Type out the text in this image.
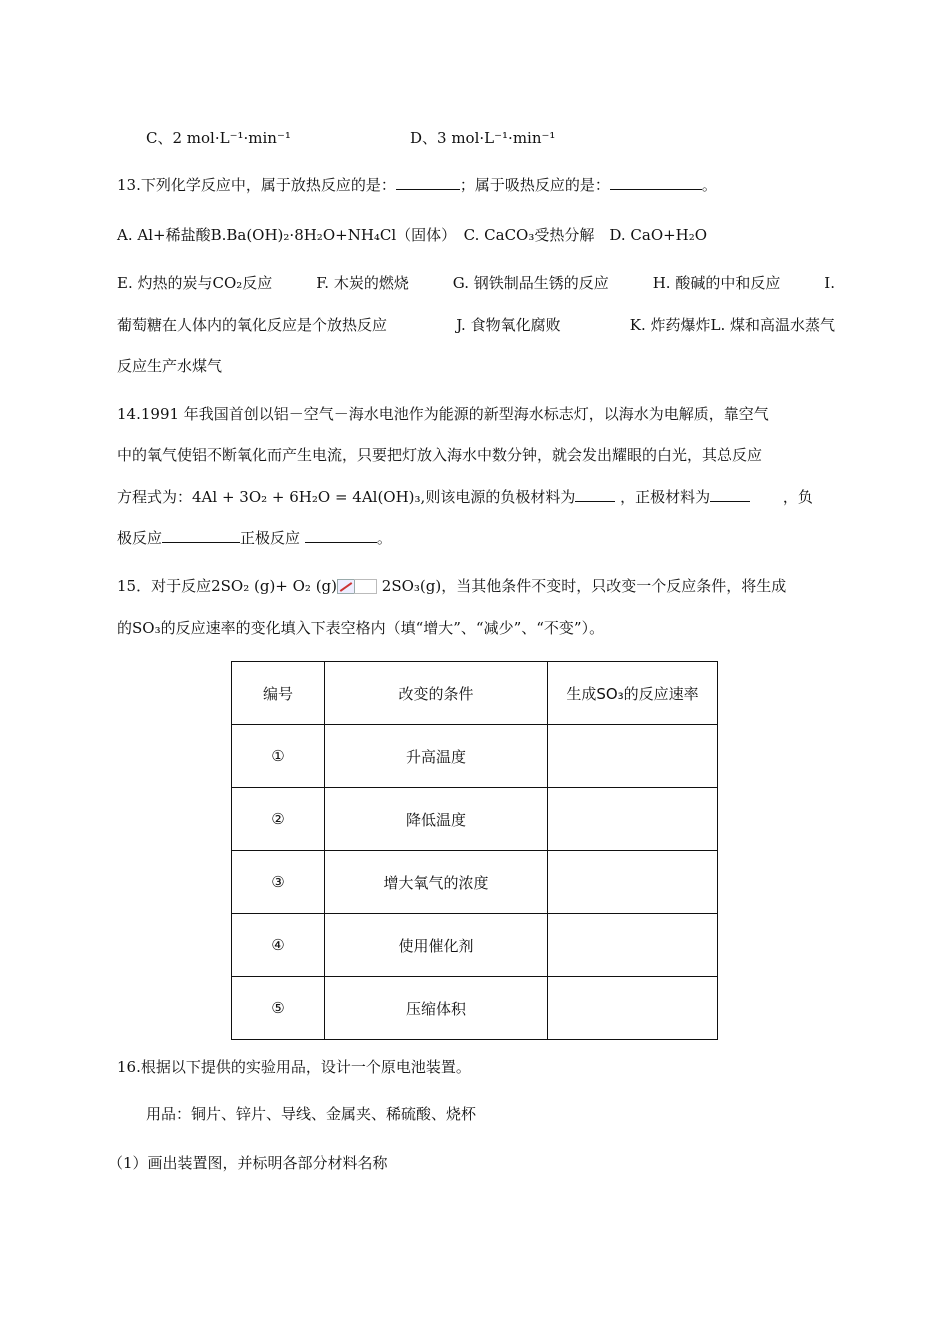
C、2 mol·L⁻¹·min⁻¹	D、3 mol·L⁻¹·min⁻¹
13.下列化学反应中，属于放热反应的是：	；属于吸热反应的是：	。
A. Al+稀盐酸B.Ba(OH)₂·8H₂O+NH₄Cl（固体）　C. CaCO₃受热分解　D. CaO+H₂O
E. 灼热的炭与CO₂反应	F. 木炭的燃烧	G. 钢铁制品生锈的反应	H. 酸碱的中和反应	I.
葡萄糖在人体内的氧化反应是个放热反应	J. 食物氧化腐败	K. 炸药爆炸L. 煤和高温水蒸气
反应生产水煤气
14.1991 年我国首创以铝－空气－海水电池作为能源的新型海水标志灯，以海水为电解质，靠空气
中的氧气使铝不断氧化而产生电流，只要把灯放入海水中数分钟，就会发出耀眼的白光，其总反应
方程式为：4Al + 3O₂ + 6H₂O = 4Al(OH)₃,则该电源的负极材料为	，正极材料为	，负
极反应	正极反应	。
15．对于反应2SO₂ (g)+ O₂ (g)	2SO₃(g)，当其他条件不变时，只改变一个反应条件，将生成
的SO₃的反应速率的变化填入下表空格内（填“增大”、“减少”、“不变”）。
编号	改变的条件	生成SO₃的反应速率
①	升高温度	
②	降低温度	
③	增大氧气的浓度	
④	使用催化剂	
⑤	压缩体积	
16.根据以下提供的实验用品，设计一个原电池装置。
用品：铜片、锌片、导线、金属夹、稀硫酸、烧杯
（1）画出装置图，并标明各部分材料名称
